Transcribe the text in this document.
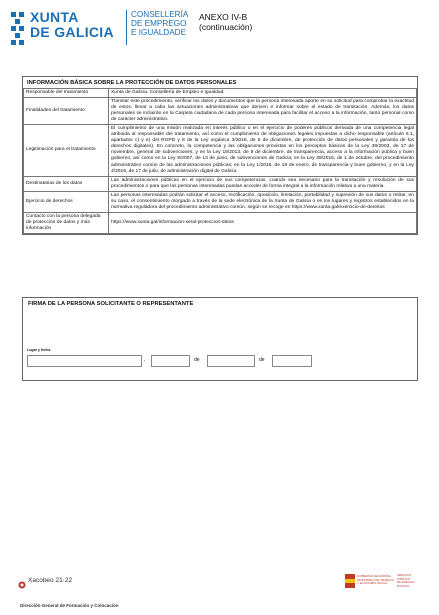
XUNTA
DE GALICIA
CONSELLERÍA
DE EMPREGO
E IGUALDADE
ANEXO IV-B
(continuación)
INFORMACIÓN BÁSICA SOBRE LA PROTECCIÓN DE DATOS PERSONALES
Responsable del tratamiento	Xunta de Galicia. Consellería de Empleo e Igualdad.
Finalidades del tratamiento	Tramitar este procedimiento, verificar los datos y documentos que la persona interesada aporte en su solicitud para comprobar la exactitud de estos, llevar a cabo las actuaciones administrativas que deriven e informar sobre el estado de tramitación. Además, los datos personales se incluirán en la Carpeta ciudadana de cada persona interesada para facilitar el acceso a la información, tanto personal como de carácter administrativo.
Legitimación para el tratamiento	El cumplimiento de una misión realizada en interés público o en el ejercicio de poderes públicos derivada de una competencia legal atribuida al responsable del tratamiento, así como el cumplimiento de obligaciones legales impuestas a dicho responsable (artículo 6.1, apartados c) y e) del RGPD y 8 de la Ley orgánica 3/2018, de 5 de diciembre, de protección de datos personales y garantía de los derechos digitales). En concreto, la competencia y las obligaciones previstas en los preceptos básicos de la Ley 38/2003, de 17 de noviembre, general de subvenciones, y en la Ley 19/2013, de 9 de diciembre, de transparencia, acceso a la información pública y buen gobierno, así como en la Ley 9/2007, de 13 de junio, de subvenciones de Galicia; en la Ley 39/2015, de 1 de octubre, del procedimiento administrativo común de las administraciones públicas; en la Ley 1/2016, de 18 de enero, de transparencia y buen gobierno, y en la Ley 4/2019, de 17 de julio, de administración digital de Galicia.
Destinatarias de los datos	Las administraciones públicas en el ejercicio de sus competencias, cuando sea necesario para la tramitación y resolución de sus procedimientos o para que las personas interesadas puedan acceder de forma integral a la información relativa a una materia.
Ejercicio de derechos	Las personas interesadas podrán solicitar el acceso, rectificación, oposición, limitación, portabilidad y supresión de sus datos o retirar, en su caso, el consentimiento otorgado a través de la sede electrónica de la Xunta de Galicia o en los lugares y registros establecidos en la normativa reguladora del procedimiento administrativo común, según se recoge en https://www.xunta.gal/exercicio-de-dereitos
Contacto con la persona delegada de protección de datos y más información	https://www.xunta.gal/informacion-xeral-proteccion-datos
FIRMA DE LA PERSONA SOLICITANTE O REPRESENTANTE
Lugar y fecha
,	de	de
Xacobeo 21·22
Dirección General de Formación y Colocación
GOBIERNO DE ESPAÑA
MINISTERIO DE TRABAJO
Y ECONOMÍA SOCIAL
SERVICIO
PÚBLICO
DE EMPLEO
ESTATAL
